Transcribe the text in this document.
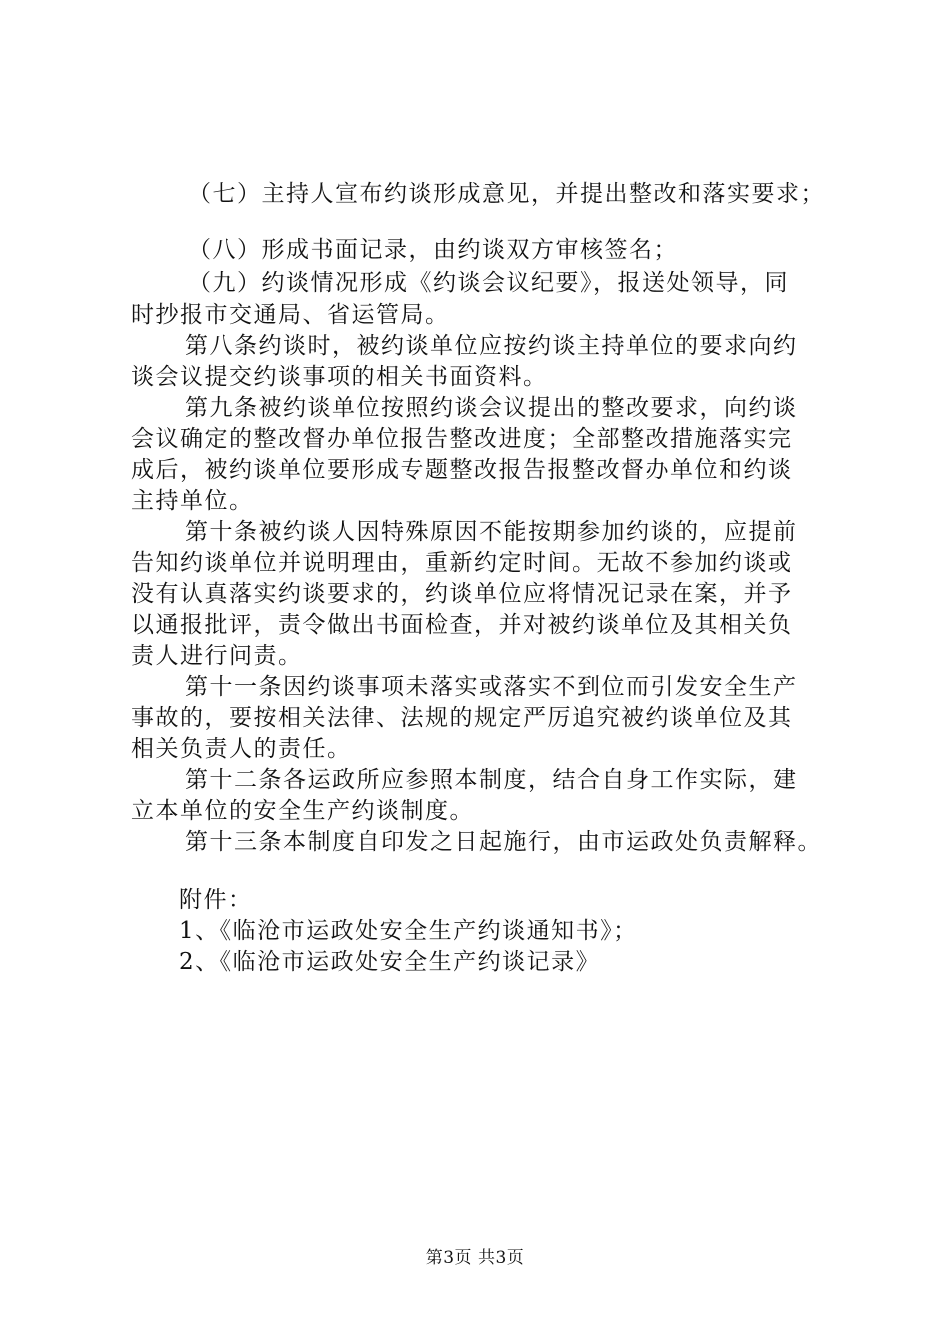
（七）主持人宣布约谈形成意见，并提出整改和落实要求；
（八）形成书面记录，由约谈双方审核签名；
（九）约谈情况形成《约谈会议纪要》，报送处领导，同
时抄报市交通局、省运管局。
第八条约谈时，被约谈单位应按约谈主持单位的要求向约
谈会议提交约谈事项的相关书面资料。
第九条被约谈单位按照约谈会议提出的整改要求，向约谈
会议确定的整改督办单位报告整改进度；全部整改措施落实完
成后，被约谈单位要形成专题整改报告报整改督办单位和约谈
主持单位。
第十条被约谈人因特殊原因不能按期参加约谈的，应提前
告知约谈单位并说明理由，重新约定时间。无故不参加约谈或
没有认真落实约谈要求的，约谈单位应将情况记录在案，并予
以通报批评，责令做出书面检查，并对被约谈单位及其相关负
责人进行问责。
第十一条因约谈事项未落实或落实不到位而引发安全生产
事故的，要按相关法律、法规的规定严厉追究被约谈单位及其
相关负责人的责任。
第十二条各运政所应参照本制度，结合自身工作实际，建
立本单位的安全生产约谈制度。
第十三条本制度自印发之日起施行，由市运政处负责解释。
附件：
1、《临沧市运政处安全生产约谈通知书》；
2、《临沧市运政处安全生产约谈记录》
第3页 共3页
